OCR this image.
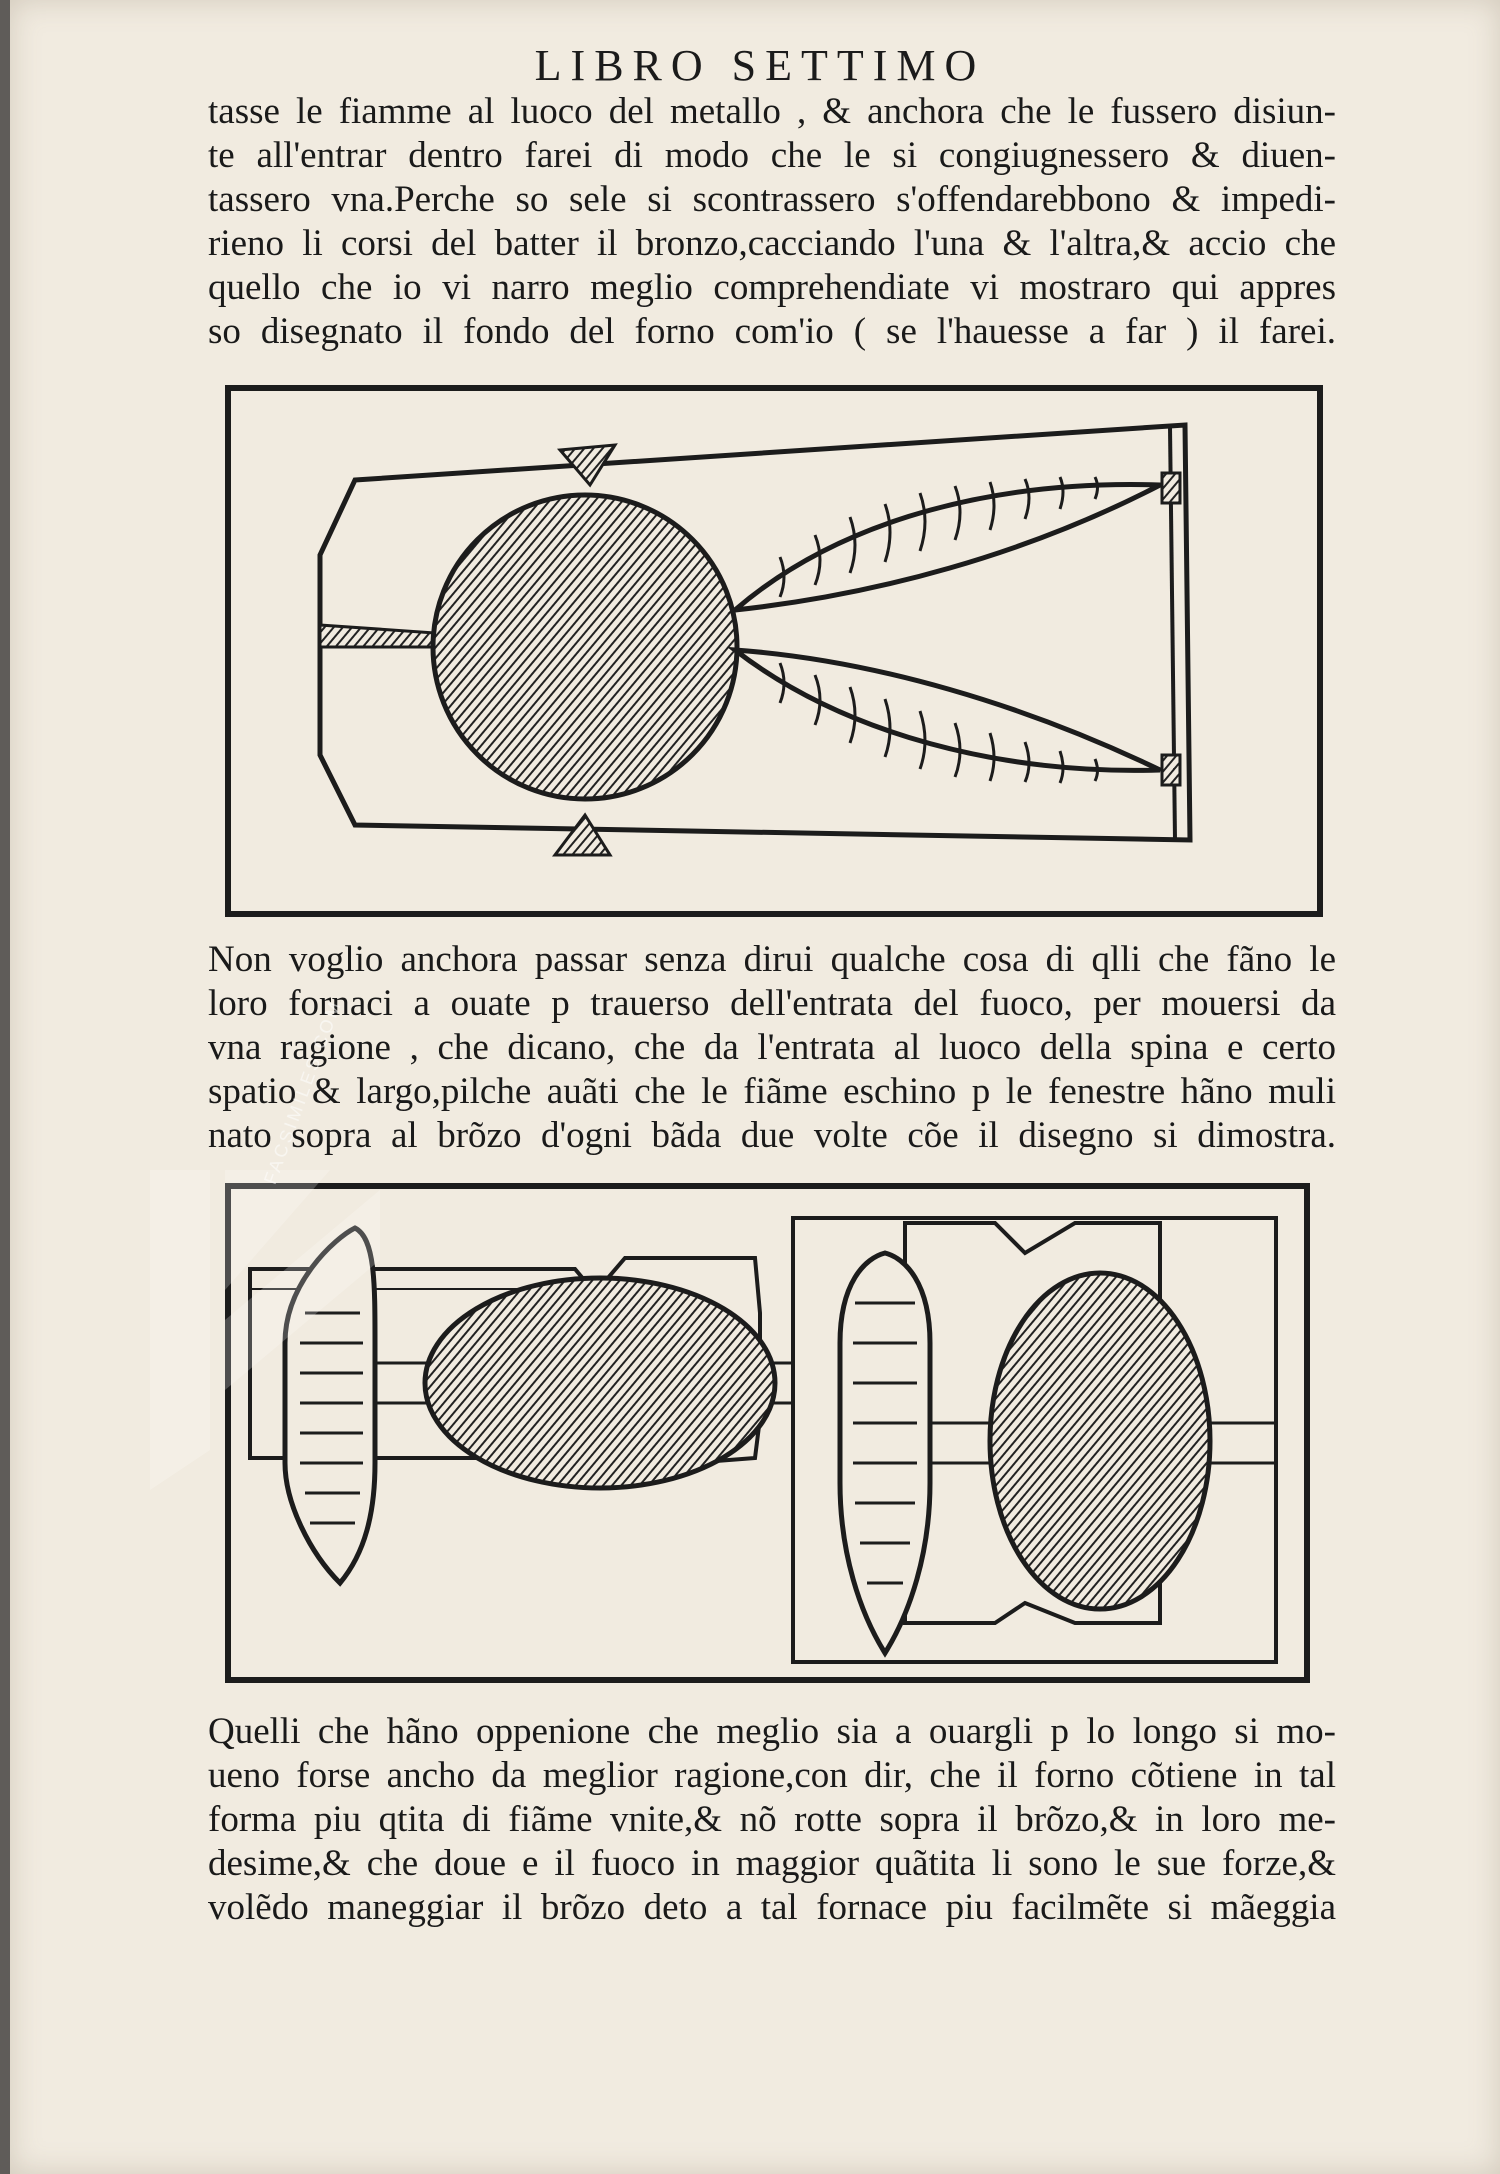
LIBRO SETTIMO
tasse le fiamme al luoco del metallo , & anchora che le fussero disiun-
te all'entrar dentro farei di modo che le si congiugnessero & diuen-
tassero vna.Perche so sele si scontrassero s'offendarebbono & impedi-
rieno li corsi del batter il bronzo,cacciando l'una & l'altra,& accio che
quello che io vi narro meglio comprehendiate vi mostraro qui appres
so disegnato il fondo del forno com'io ( se l'hauesse a far ) il farei.
Non voglio anchora passar senza dirui qualche cosa di qlli che fãno le
loro fornaci a ouate p trauerso dell'entrata del fuoco, per mouersi da
vna ragione , che dicano, che da l'entrata al luoco della spina e certo
spatio & largo,pilche auãti che le fiãme eschino p le fenestre hãno muli
nato sopra al brõzo d'ogni bãda due volte cõe il disegno si dimostra.
Quelli che hãno oppenione che meglio sia a ouargli p lo longo si mo-
ueno forse ancho da meglior ragione,con dir, che il forno cõtiene in tal
forma piu qtita di fiãme vnite,& nõ rotte sopra il brõzo,& in loro me-
desime,& che doue e il fuoco in maggior quãtita li sono le sue forze,&
volẽdo maneggiar il brõzo deto a tal fornace piu facilmẽte si mãeggia
FACSIMILES.COM
